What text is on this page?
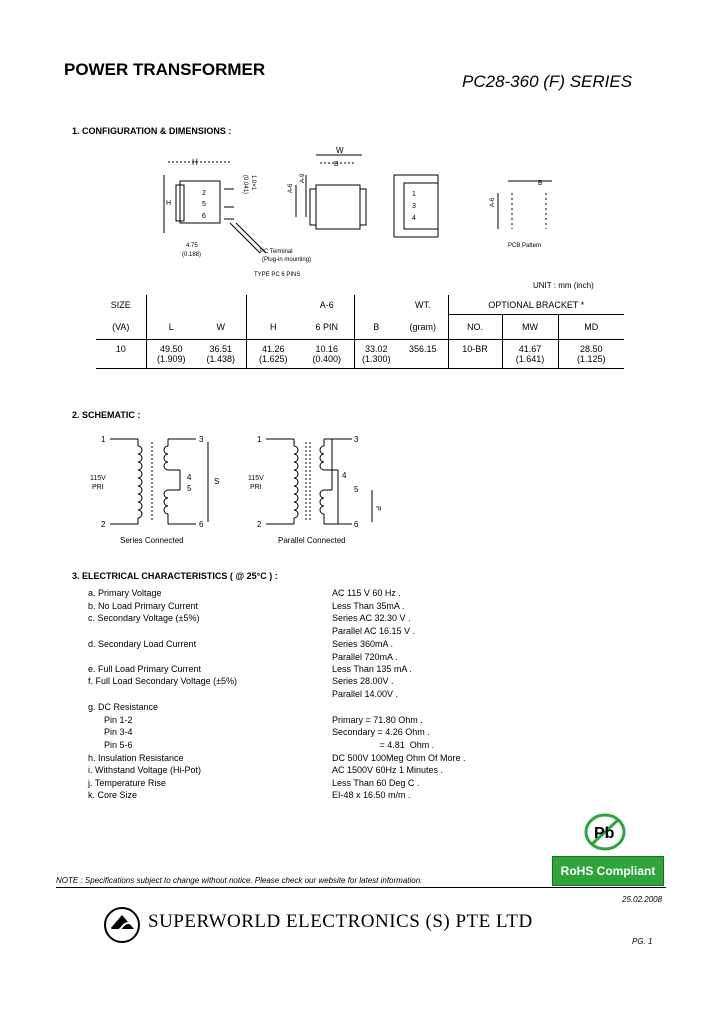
POWER TRANSFORMER
PC28-360 (F) SERIES
1. CONFIGURATION & DIMENSIONS :
H
2
5
6
H
4.75
(0.188)	PC Terminal
(Plug-in mounting)
TYPE PC 6 PINS
1.0×1
(0.041)
W
B
A-6
A-9
1
3
4
B
A-6
PCB Pattern
UNIT : mm (inch)
SIZE				A-6		WT.	OPTIONAL BRACKET *		
(VA)	L	W	H	6 PIN	B	(gram)	NO.	MW	MD
10	49.50	36.51	41.26	10.16	33.02	356.15	10-BR	41.67	28.50
	(1.909)	(1.438)	(1.625)	(0.400)	(1.300)			(1.641)	(1.125)
2. SCHEMATIC :
1
2
115V
PRI
3
4
5
6
S
Series Connected
1
2
115V
PRI
3
4
5
6
P
Parallel Connected
3. ELECTRICAL CHARACTERISTICS ( @ 25°C ) :
a. Primary Voltage	AC 115 V 60 Hz .
b. No Load Primary Current	Less Than 35mA .
c. Secondary Voltage (±5%)	Series AC 32.30 V .
Parallel AC 16.15 V .
d. Secondary Load Current	Series 360mA .
Parallel 720mA .
e. Full Load Primary Current	Less Than 135 mA .
f. Full Load Secondary Voltage (±5%)	Series 28.00V .
Parallel 14.00V .
g. DC Resistance
Pin 1-2	Primary = 71.80 Ohm .
Pin 3-4	Secondary = 4.26 Ohm .
Pin 5-6	= 4.81  Ohm .
h. Insulation Resistance	DC 500V 100Meg Ohm Of More .
i. Withstand Voltage (Hi-Pot)	AC 1500V 60Hz 1 Minutes .
j. Temperature Rise	Less Than 60 Deg C .
k. Core Size	EI-48 x 16.50 m/m .
Pb
RoHS Compliant
NOTE : Specifications subject to change without notice. Please check our website for latest information.
25.02.2008
SUPERWORLD ELECTRONICS (S) PTE LTD
PG. 1
